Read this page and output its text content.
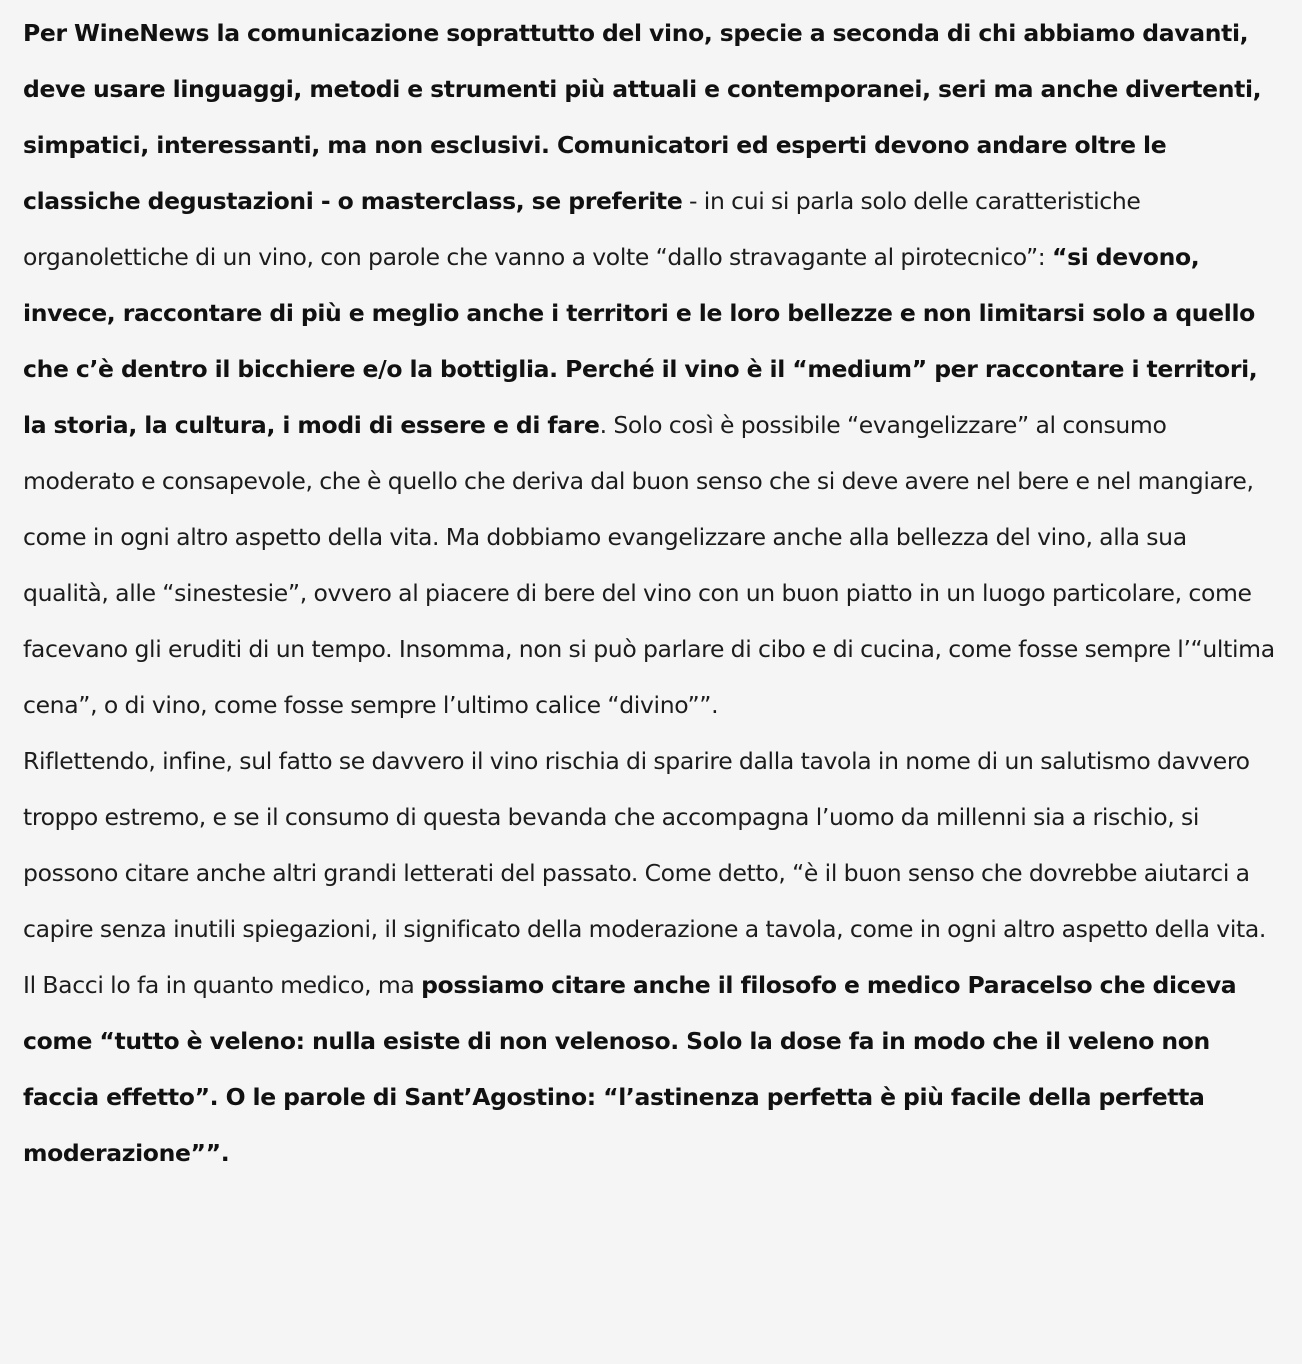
Per WineNews la comunicazione soprattutto del vino, specie a seconda di chi abbiamo davanti, deve usare linguaggi, metodi e strumenti più attuali e contemporanei, seri ma anche divertenti, simpatici, interessanti, ma non esclusivi. Comunicatori ed esperti devono andare oltre le classiche degustazioni - o masterclass, se preferite - in cui si parla solo delle caratteristiche organolettiche di un vino, con parole che vanno a volte “dallo stravagante al pirotecnico”: “si devono, invece, raccontare di più e meglio anche i territori e le loro bellezze e non limitarsi solo a quello che c’è dentro il bicchiere e/o la bottiglia. Perché il vino è il “medium” per raccontare i territori, la storia, la cultura, i modi di essere e di fare. Solo così è possibile “evangelizzare” al consumo moderato e consapevole, che è quello che deriva dal buon senso che si deve avere nel bere e nel mangiare, come in ogni altro aspetto della vita. Ma dobbiamo evangelizzare anche alla bellezza del vino, alla sua qualità, alle “sinestesie”, ovvero al piacere di bere del vino con un buon piatto in un luogo particolare, come facevano gli eruditi di un tempo. Insomma, non si può parlare di cibo e di cucina, come fosse sempre l’“ultima cena”, o di vino, come fosse sempre l’ultimo calice “divino””.

Riflettendo, infine, sul fatto se davvero il vino rischia di sparire dalla tavola in nome di un salutismo davvero troppo estremo, e se il consumo di questa bevanda che accompagna l’uomo da millenni sia a rischio, si possono citare anche altri grandi letterati del passato. Come detto, “è il buon senso che dovrebbe aiutarci a capire senza inutili spiegazioni, il significato della moderazione a tavola, come in ogni altro aspetto della vita. Il Bacci lo fa in quanto medico, ma possiamo citare anche il filosofo e medico Paracelso che diceva come “tutto è veleno: nulla esiste di non velenoso. Solo la dose fa in modo che il veleno non faccia effetto”. O le parole di Sant’Agostino: “l’astinenza perfetta è più facile della perfetta moderazione””.
